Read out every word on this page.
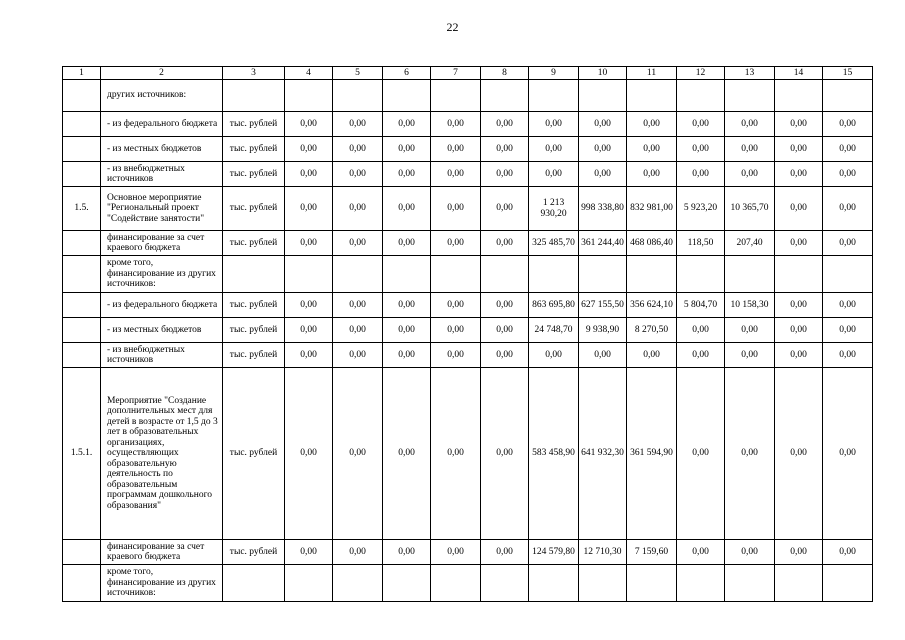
22
1	2	3	4	5	6	7	8	9	10	11	12	13	14	15
	других источников:													
	- из федерального бюджета	тыс. рублей	0,00	0,00	0,00	0,00	0,00	0,00	0,00	0,00	0,00	0,00	0,00	0,00
	- из местных бюджетов	тыс. рублей	0,00	0,00	0,00	0,00	0,00	0,00	0,00	0,00	0,00	0,00	0,00	0,00
	- из внебюджетных источников	тыс. рублей	0,00	0,00	0,00	0,00	0,00	0,00	0,00	0,00	0,00	0,00	0,00	0,00
1.5.	Основное мероприятие "Региональный проект "Содействие занятости"	тыс. рублей	0,00	0,00	0,00	0,00	0,00	1 213 930,20	998 338,80	832 981,00	5 923,20	10 365,70	0,00	0,00
	финансирование за счет краевого бюджета	тыс. рублей	0,00	0,00	0,00	0,00	0,00	325 485,70	361 244,40	468 086,40	118,50	207,40	0,00	0,00
	кроме того, финансирование из других источников:													
	- из федерального бюджета	тыс. рублей	0,00	0,00	0,00	0,00	0,00	863 695,80	627 155,50	356 624,10	5 804,70	10 158,30	0,00	0,00
	- из местных бюджетов	тыс. рублей	0,00	0,00	0,00	0,00	0,00	24 748,70	9 938,90	8 270,50	0,00	0,00	0,00	0,00
	- из внебюджетных источников	тыс. рублей	0,00	0,00	0,00	0,00	0,00	0,00	0,00	0,00	0,00	0,00	0,00	0,00
1.5.1.	Мероприятие "Создание дополнительных мест для детей в возрасте от 1,5 до 3 лет в образовательных организациях, осуществляющих образовательную деятельность по образовательным программам дошкольного образования"	тыс. рублей	0,00	0,00	0,00	0,00	0,00	583 458,90	641 932,30	361 594,90	0,00	0,00	0,00	0,00
	финансирование за счет краевого бюджета	тыс. рублей	0,00	0,00	0,00	0,00	0,00	124 579,80	12 710,30	7 159,60	0,00	0,00	0,00	0,00
	кроме того, финансирование из других источников:													
